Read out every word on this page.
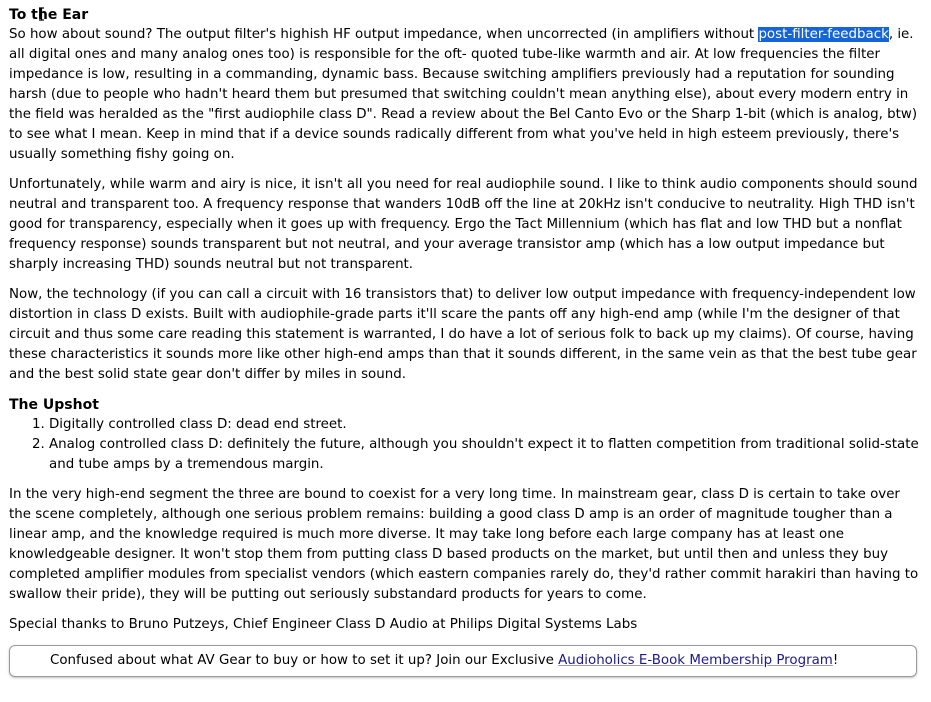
To the Ear

So how about sound? The output filter's highish HF output impedance, when uncorrected (in amplifiers without post-filter-feedback, ie. all digital ones and many analog ones too) is responsible for the oft- quoted tube-like warmth and air. At low frequencies the filter impedance is low, resulting in a commanding, dynamic bass. Because switching amplifiers previously had a reputation for sounding harsh (due to people who hadn't heard them but presumed that switching couldn't mean anything else), about every modern entry in the field was heralded as the "first audiophile class D". Read a review about the Bel Canto Evo or the Sharp 1-bit (which is analog, btw) to see what I mean. Keep in mind that if a device sounds radically different from what you've held in high esteem previously, there's usually something fishy going on.

Unfortunately, while warm and airy is nice, it isn't all you need for real audiophile sound. I like to think audio components should sound neutral and transparent too. A frequency response that wanders 10dB off the line at 20kHz isn't conducive to neutrality. High THD isn't good for transparency, especially when it goes up with frequency. Ergo the Tact Millennium (which has flat and low THD but a nonflat frequency response) sounds transparent but not neutral, and your average transistor amp (which has a low output impedance but sharply increasing THD) sounds neutral but not transparent.

Now, the technology (if you can call a circuit with 16 transistors that) to deliver low output impedance with frequency-independent low distortion in class D exists. Built with audiophile-grade parts it'll scare the pants off any high-end amp (while I'm the designer of that circuit and thus some care reading this statement is warranted, I do have a lot of serious folk to back up my claims). Of course, having these characteristics it sounds more like other high-end amps than that it sounds different, in the same vein as that the best tube gear and the best solid state gear don't differ by miles in sound.

The Upshot
1. Digitally controlled class D: dead end street.
2. Analog controlled class D: definitely the future, although you shouldn't expect it to flatten competition from traditional solid-state and tube amps by a tremendous margin.

In the very high-end segment the three are bound to coexist for a very long time. In mainstream gear, class D is certain to take over the scene completely, although one serious problem remains: building a good class D amp is an order of magnitude tougher than a linear amp, and the knowledge required is much more diverse. It may take long before each large company has at least one knowledgeable designer. It won't stop them from putting class D based products on the market, but until then and unless they buy completed amplifier modules from specialist vendors (which eastern companies rarely do, they'd rather commit harakiri than having to swallow their pride), they will be putting out seriously substandard products for years to come.

Special thanks to Bruno Putzeys, Chief Engineer Class D Audio at Philips Digital Systems Labs

Confused about what AV Gear to buy or how to set it up? Join our Exclusive Audioholics E-Book Membership Program!
